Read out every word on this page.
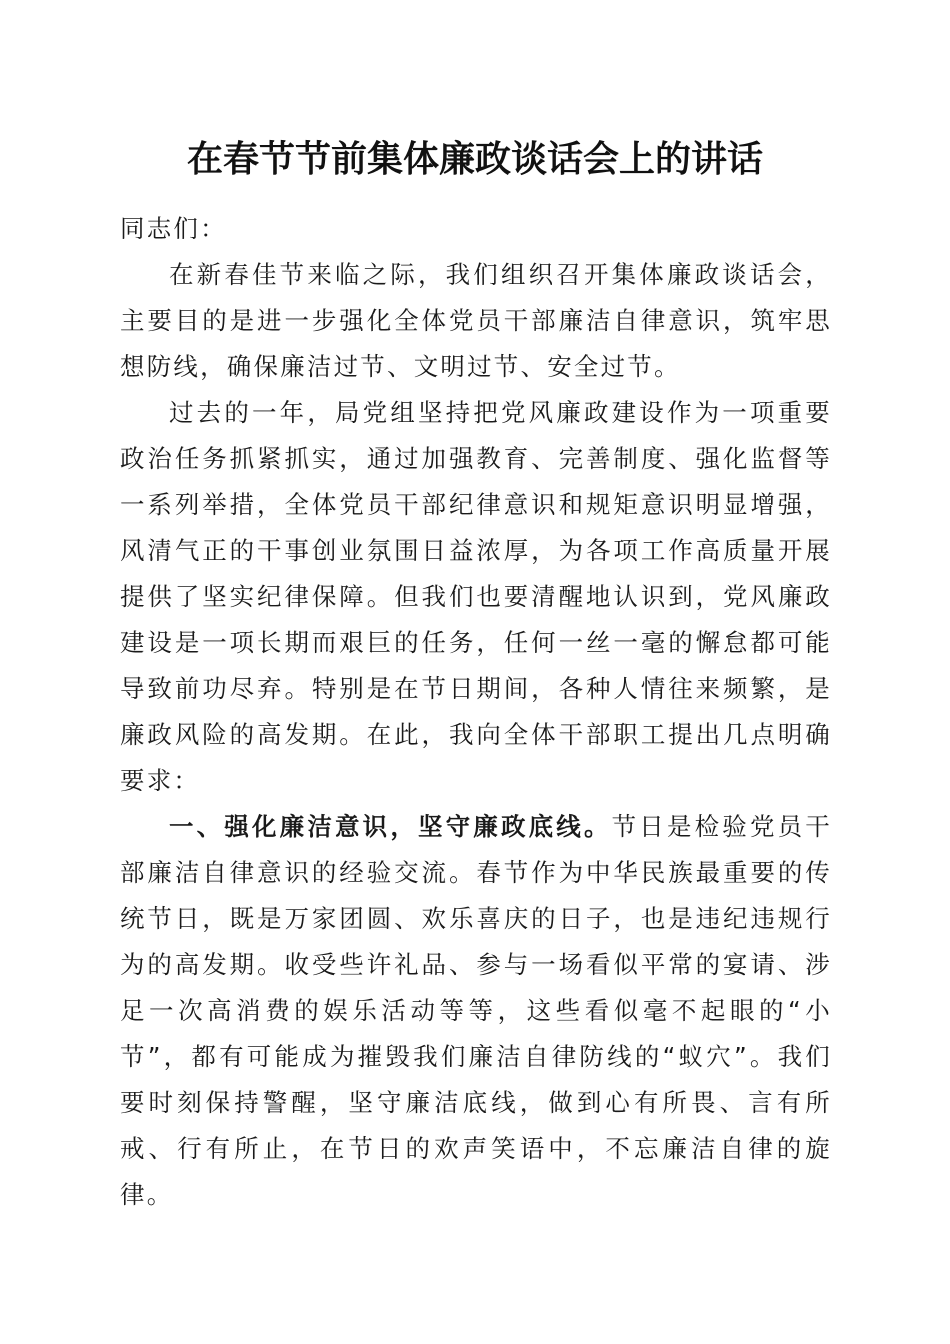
在春节节前集体廉政谈话会上的讲话

同志们：

在新春佳节来临之际，我们组织召开集体廉政谈话会，主要目的是进一步强化全体党员干部廉洁自律意识，筑牢思想防线，确保廉洁过节、文明过节、安全过节。

过去的一年，局党组坚持把党风廉政建设作为一项重要政治任务抓紧抓实，通过加强教育、完善制度、强化监督等一系列举措，全体党员干部纪律意识和规矩意识明显增强，风清气正的干事创业氛围日益浓厚，为各项工作高质量开展提供了坚实纪律保障。但我们也要清醒地认识到，党风廉政建设是一项长期而艰巨的任务，任何一丝一毫的懈怠都可能导致前功尽弃。特别是在节日期间，各种人情往来频繁，是廉政风险的高发期。在此，我向全体干部职工提出几点明确要求：

一、强化廉洁意识，坚守廉政底线。节日是检验党员干部廉洁自律意识的经验交流。春节作为中华民族最重要的传统节日，既是万家团圆、欢乐喜庆的日子，也是违纪违规行为的高发期。收受些许礼品、参与一场看似平常的宴请、涉足一次高消费的娱乐活动等等，这些看似毫不起眼的“小节”，都有可能成为摧毁我们廉洁自律防线的“蚁穴”。我们要时刻保持警醒，坚守廉洁底线，做到心有所畏、言有所戒、行有所止，在节日的欢声笑语中，不忘廉洁自律的旋律。
